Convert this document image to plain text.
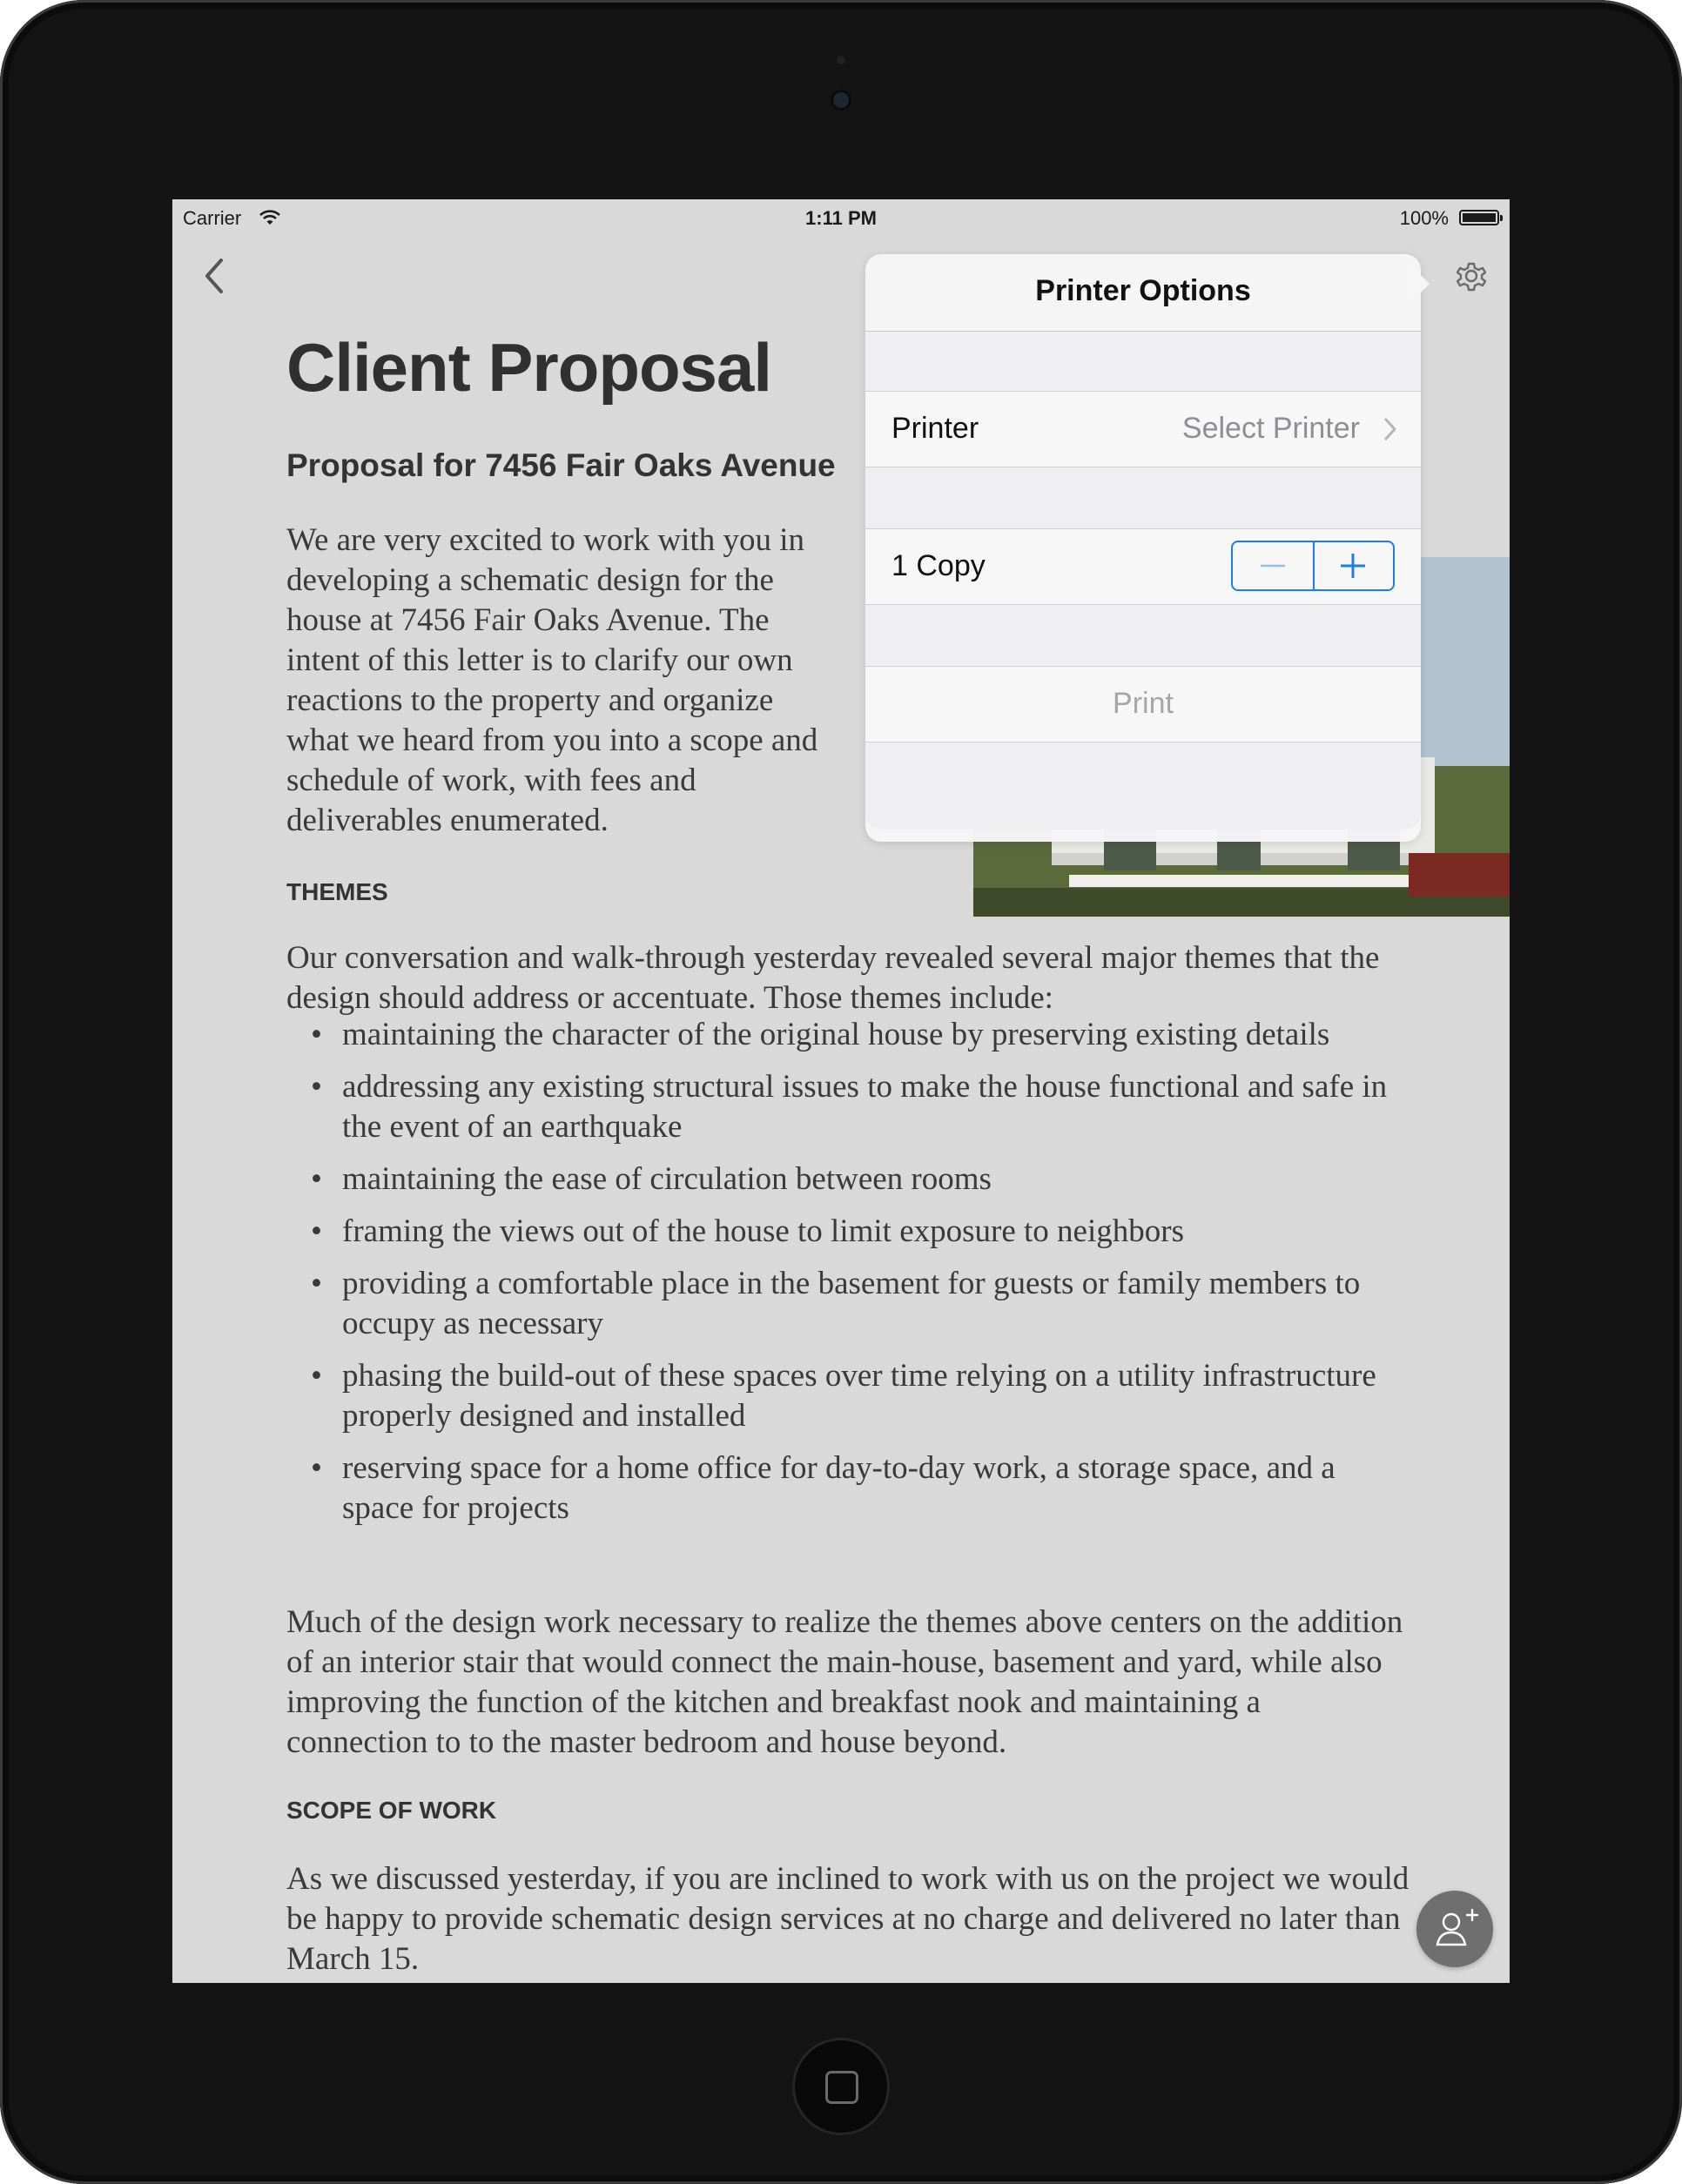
Carrier	1:11 PM	100%
Client Proposal
Proposal for 7456 Fair Oaks Avenue

We are very excited to work with you in developing a schematic design for the house at 7456 Fair Oaks Avenue. The intent of this letter is to clarify our own reactions to the property and organize what we heard from you into a scope and schedule of work, with fees and deliverables enumerated.

THEMES

Our conversation and walk-through yesterday revealed several major themes that the design should address or accentuate. Those themes include:

• maintaining the character of the original house by preserving existing details
• addressing any existing structural issues to make the house functional and safe in the event of an earthquake
• maintaining the ease of circulation between rooms
• framing the views out of the house to limit exposure to neighbors
• providing a comfortable place in the basement for guests or family members to occupy as necessary
• phasing the build-out of these spaces over time relying on a utility infrastructure properly designed and installed
• reserving space for a home office for day-to-day work, a storage space, and a space for projects

Much of the design work necessary to realize the themes above centers on the addition of an interior stair that would connect the main-house, basement and yard, while also improving the function of the kitchen and breakfast nook and maintaining a connection to to the master bedroom and house beyond.

SCOPE OF WORK

As we discussed yesterday, if you are inclined to work with us on the project we would be happy to provide schematic design services at no charge and delivered no later than March 15.

Printer Options
Printer	Select Printer
1 Copy
Print
